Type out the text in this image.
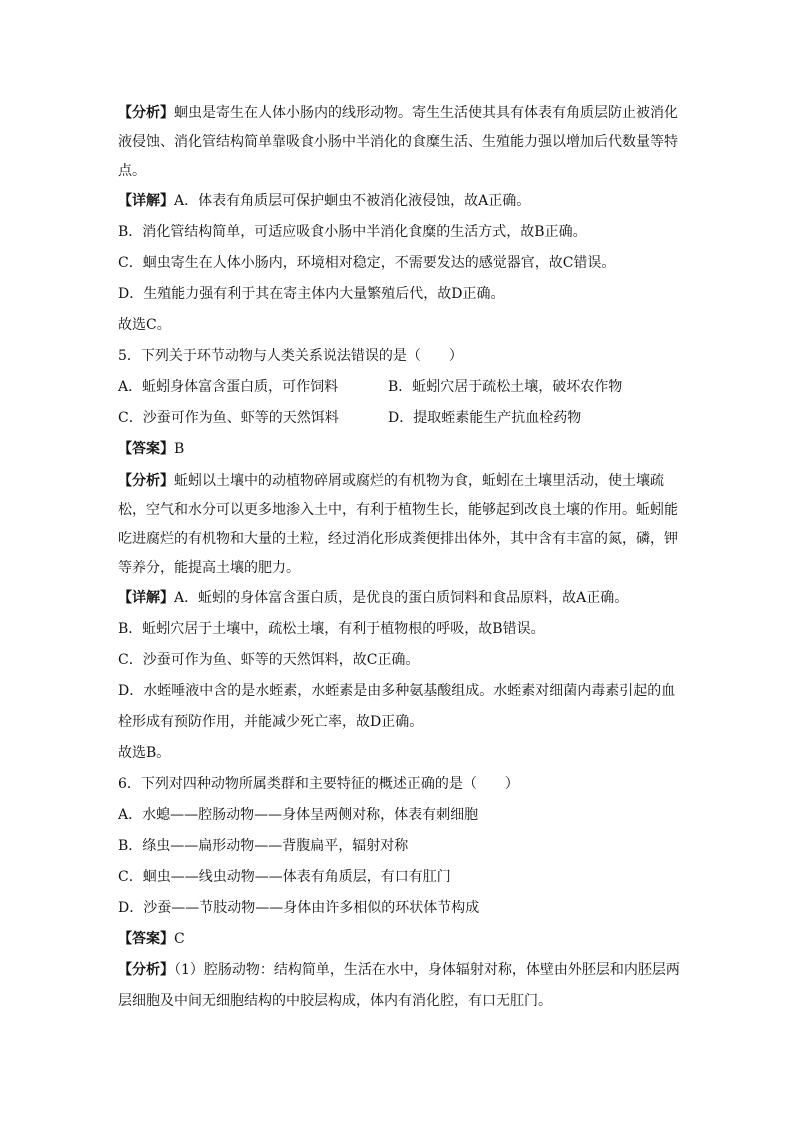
【分析】蛔虫是寄生在人体小肠内的线形动物。寄生生活使其具有体表有角质层防止被消化液侵蚀、消化管结构简单靠吸食小肠中半消化的食糜生活、生殖能力强以增加后代数量等特点。

【详解】A．体表有角质层可保护蛔虫不被消化液侵蚀，故A正确。

B．消化管结构简单，可适应吸食小肠中半消化食糜的生活方式，故B正确。

C．蛔虫寄生在人体小肠内，环境相对稳定，不需要发达的感觉器官，故C错误。

D．生殖能力强有利于其在寄主体内大量繁殖后代，故D正确。

故选C。

5．下列关于环节动物与人类关系说法错误的是（　　）

A．蚯蚓身体富含蛋白质，可作饲料	B．蚯蚓穴居于疏松土壤，破坏农作物
C．沙蚕可作为鱼、虾等的天然饵料	D．提取蛭素能生产抗血栓药物

【答案】B

【分析】蚯蚓以土壤中的动植物碎屑或腐烂的有机物为食，蚯蚓在土壤里活动，使土壤疏松，空气和水分可以更多地渗入土中，有利于植物生长，能够起到改良土壤的作用。蚯蚓能吃进腐烂的有机物和大量的土粒，经过消化形成粪便排出体外，其中含有丰富的氮，磷，钾等养分，能提高土壤的肥力。

【详解】A．蚯蚓的身体富含蛋白质，是优良的蛋白质饲料和食品原料，故A正确。

B．蚯蚓穴居于土壤中，疏松土壤，有利于植物根的呼吸，故B错误。

C．沙蚕可作为鱼、虾等的天然饵料，故C正确。

D．水蛭唾液中含的是水蛭素，水蛭素是由多种氨基酸组成。水蛭素对细菌内毒素引起的血栓形成有预防作用，并能减少死亡率，故D正确。

故选B。

6．下列对四种动物所属类群和主要特征的概述正确的是（　　）

A．水螅——腔肠动物——身体呈两侧对称，体表有刺细胞

B．绦虫——扁形动物——背腹扁平，辐射对称

C．蛔虫——线虫动物——体表有角质层，有口有肛门

D．沙蚕——节肢动物——身体由许多相似的环状体节构成

【答案】C

【分析】（1）腔肠动物：结构简单，生活在水中，身体辐射对称，体壁由外胚层和内胚层两层细胞及中间无细胞结构的中胶层构成，体内有消化腔，有口无肛门。
